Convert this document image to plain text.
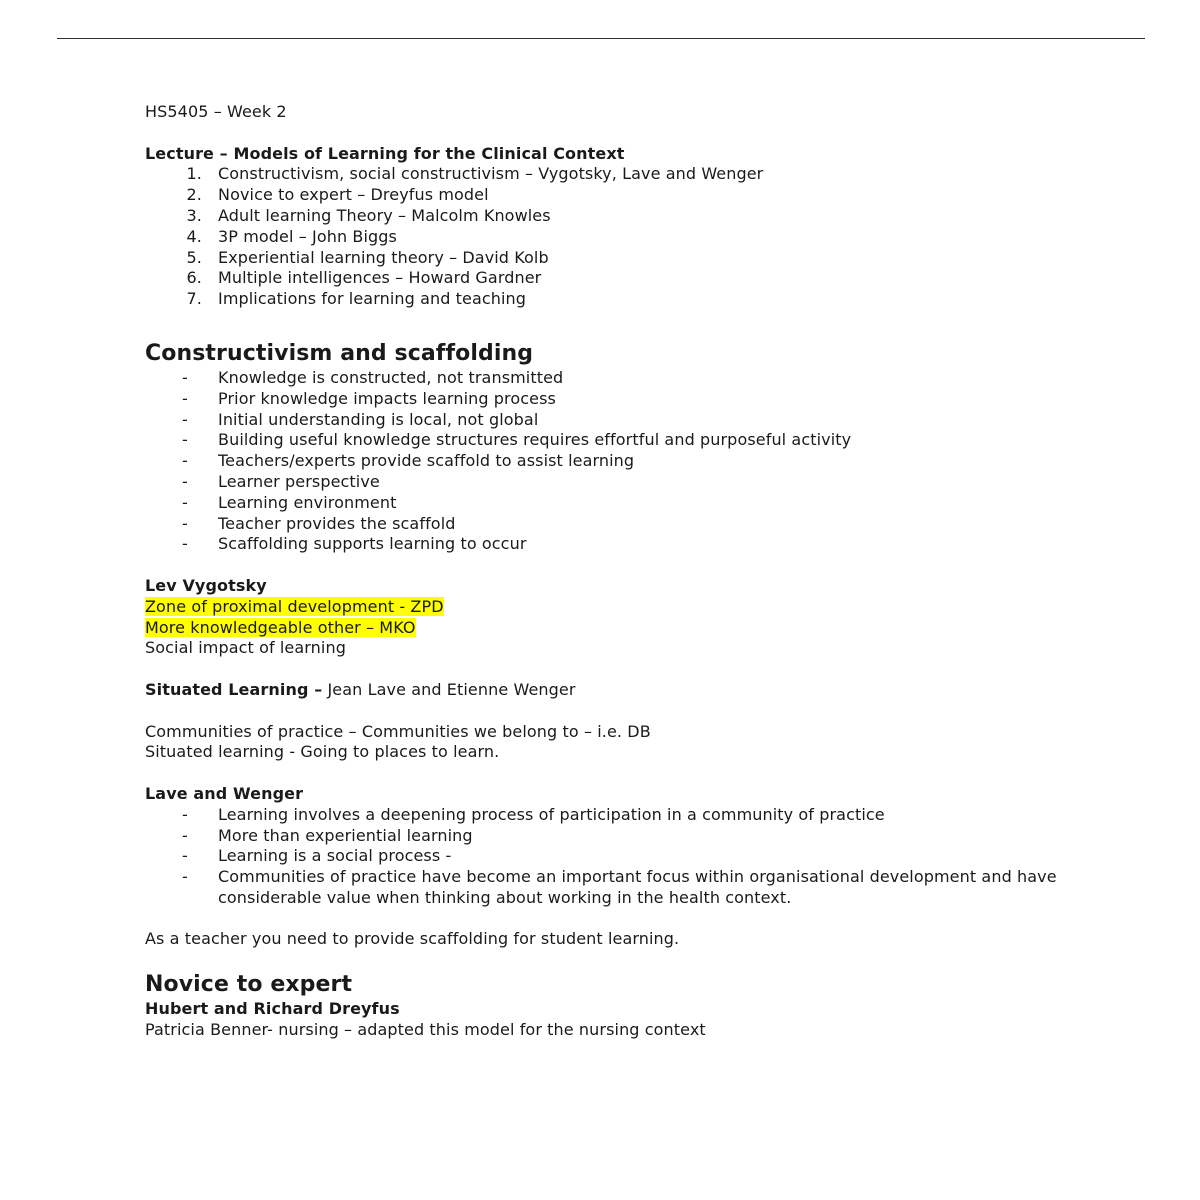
HS5405 – Week 2

Lecture – Models of Learning for the Clinical Context

1. Constructivism, social constructivism – Vygotsky, Lave and Wenger
2. Novice to expert – Dreyfus model
3. Adult learning Theory – Malcolm Knowles
4. 3P model – John Biggs
5. Experiential learning theory – David Kolb
6. Multiple intelligences – Howard Gardner
7. Implications for learning and teaching
Constructivism and scaffolding
- Knowledge is constructed, not transmitted
- Prior knowledge impacts learning process
- Initial understanding is local, not global
- Building useful knowledge structures requires effortful and purposeful activity
- Teachers/experts provide scaffold to assist learning
- Learner perspective
- Learning environment
- Teacher provides the scaffold
- Scaffolding supports learning to occur

Lev Vygotsky

Zone of proximal development - ZPD

More knowledgeable other – MKO

Social impact of learning

Situated Learning – Jean Lave and Etienne Wenger

Communities of practice – Communities we belong to – i.e. DB

Situated learning - Going to places to learn.

Lave and Wenger

- Learning involves a deepening process of participation in a community of practice
- More than experiential learning
- Learning is a social process -
- Communities of practice have become an important focus within organisational development and have considerable value when thinking about working in the health context.

As a teacher you need to provide scaffolding for student learning.

Novice to expert

Hubert and Richard Dreyfus

Patricia Benner- nursing – adapted this model for the nursing context
